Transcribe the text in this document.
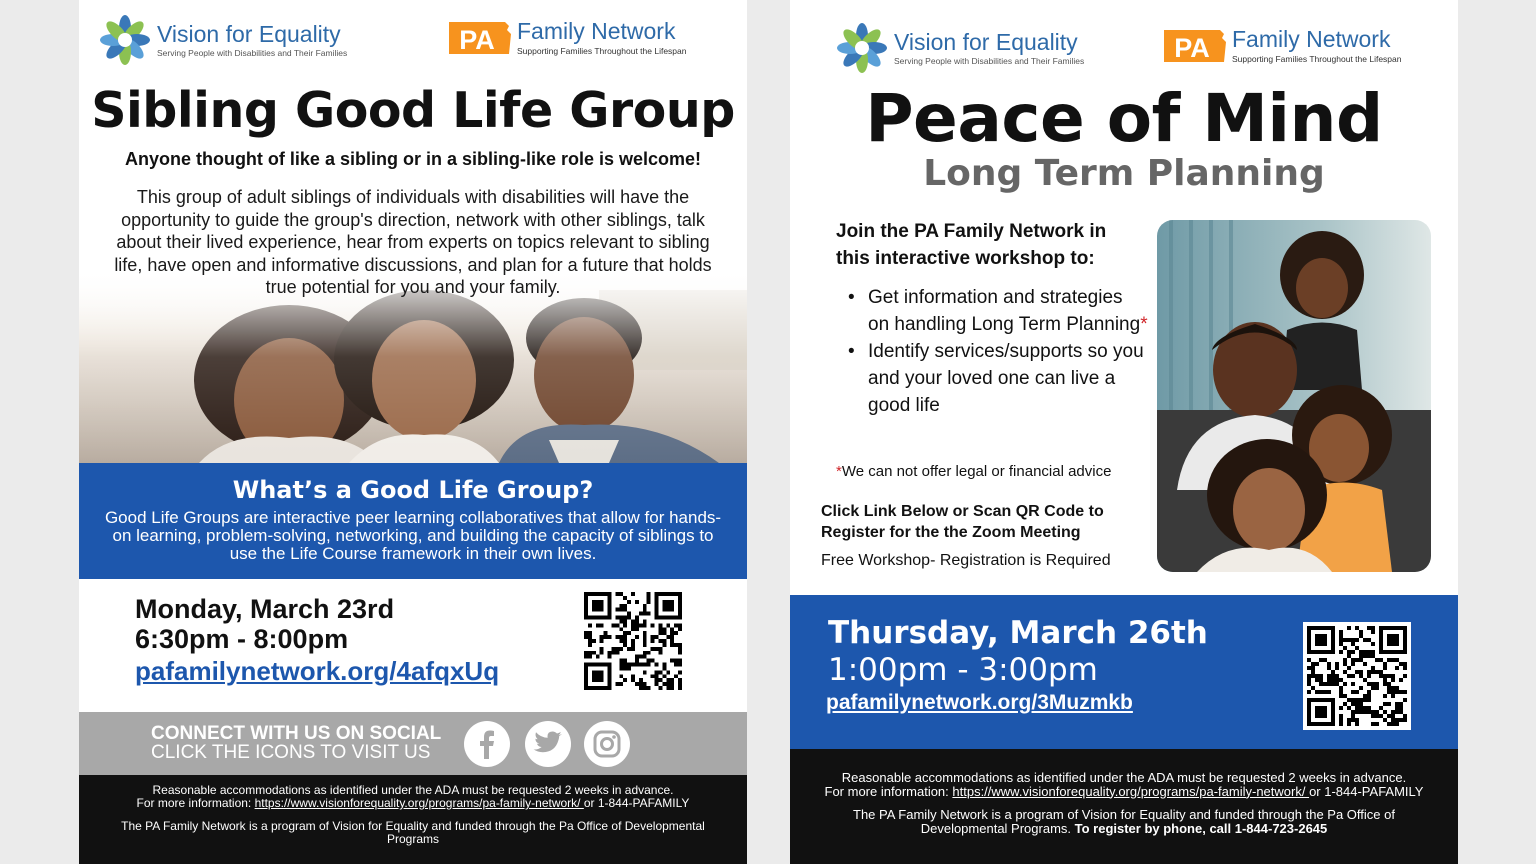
Vision for Equality
Serving People with Disabilities and Their Families	PA Family Network
Supporting Families Throughout the Lifespan
Sibling Good Life Group
Anyone thought of like a sibling or in a sibling-like role is welcome!
This group of adult siblings of individuals with disabilities will have the opportunity to guide the group's direction, network with other siblings, talk about their lived experience, hear from experts on topics relevant to sibling life, have open and informative discussions, and plan for a future that holds true potential for you and your family.
What’s a Good Life Group?

Good Life Groups are interactive peer learning collaboratives that allow for hands-on learning, problem-solving, networking, and building the capacity of siblings to use the Life Course framework in their own lives.

Monday, March 23rd
6:30pm - 8:00pm
pafamilynetwork.org/4afqxUq
CONNECT WITH US ON SOCIAL
CLICK THE ICONS TO VISIT US
Reasonable accommodations as identified under the ADA must be requested 2 weeks in advance.
For more information: https://www.visionforequality.org/programs/pa-family-network/ or 1-844-PAFAMILY
The PA Family Network is a program of Vision for Equality and funded through the Pa Office of Developmental Programs
Vision for Equality
Serving People with Disabilities and Their Families	PA Family Network
Supporting Families Throughout the Lifespan
Peace of Mind
Long Term Planning
Join the PA Family Network in
this interactive workshop to:
• Get information and strategies on handling Long Term Planning*
• Identify services/supports so you and your loved one can live a good life
*We can not offer legal or financial advice
Click Link Below or Scan QR Code to
Register for the the Zoom Meeting
Free Workshop- Registration is Required
Thursday, March 26th
1:00pm - 3:00pm
pafamilynetwork.org/3Muzmkb
Reasonable accommodations as identified under the ADA must be requested 2 weeks in advance.
For more information: https://www.visionforequality.org/programs/pa-family-network/ or 1-844-PAFAMILY
The PA Family Network is a program of Vision for Equality and funded through the Pa Office of
Developmental Programs. To register by phone, call 1-844-723-2645
